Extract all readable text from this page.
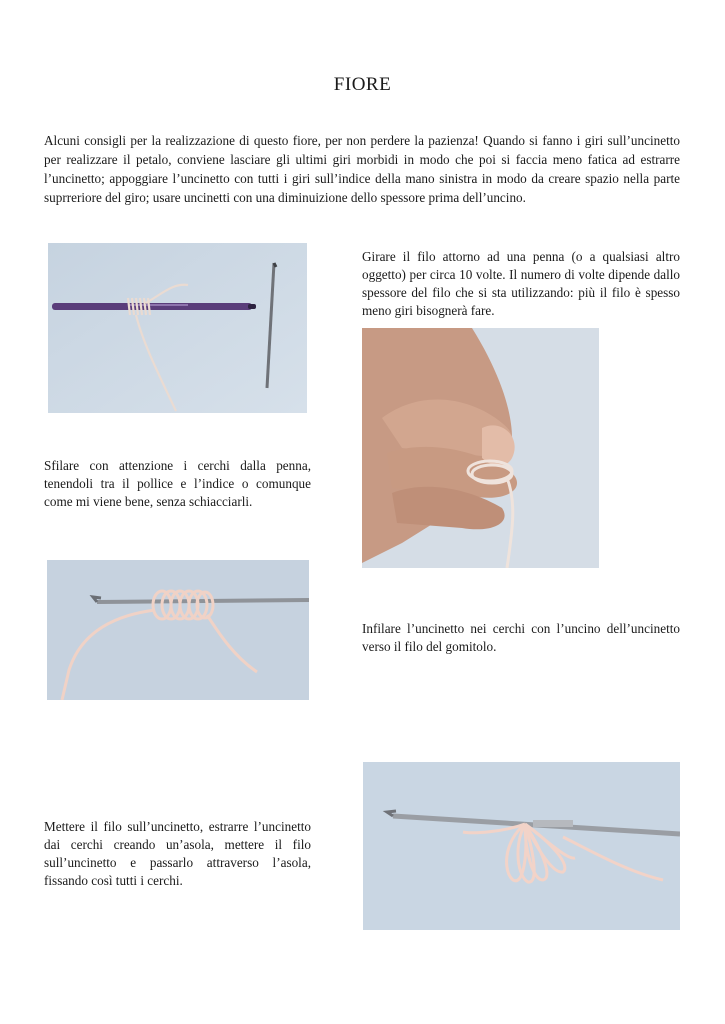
FIORE
Alcuni consigli per la realizzazione di questo fiore, per non perdere la pazienza! Quando si fanno i giri sull’uncinetto per realizzare il petalo, conviene lasciare gli ultimi giri morbidi in modo che poi si faccia meno fatica ad estrarre l’uncinetto; appoggiare l’uncinetto con tutti i giri sull’indice della mano sinistra in modo da creare spazio nella parte suprreriore del giro; usare uncinetti con una diminuizione dello spessore prima dell’uncino.
Girare il filo attorno ad una penna (o a qualsiasi altro oggetto) per circa 10 volte. Il numero di volte dipende dallo spessore del filo che si sta utilizzando: più il filo è spesso meno giri bisognerà fare.
Sfilare con attenzione i cerchi dalla penna, tenendoli tra il pollice e l’indice o comunque come mi viene bene, senza schiacciarli.
Infilare l’uncinetto nei cerchi con l’uncino dell’uncinetto verso il filo del gomitolo.
Mettere il filo sull’uncinetto, estrarre l’uncinetto dai cerchi creando un’asola, mettere il filo sull’uncinetto e passarlo attraverso l’asola, fissando così tutti i cerchi.
